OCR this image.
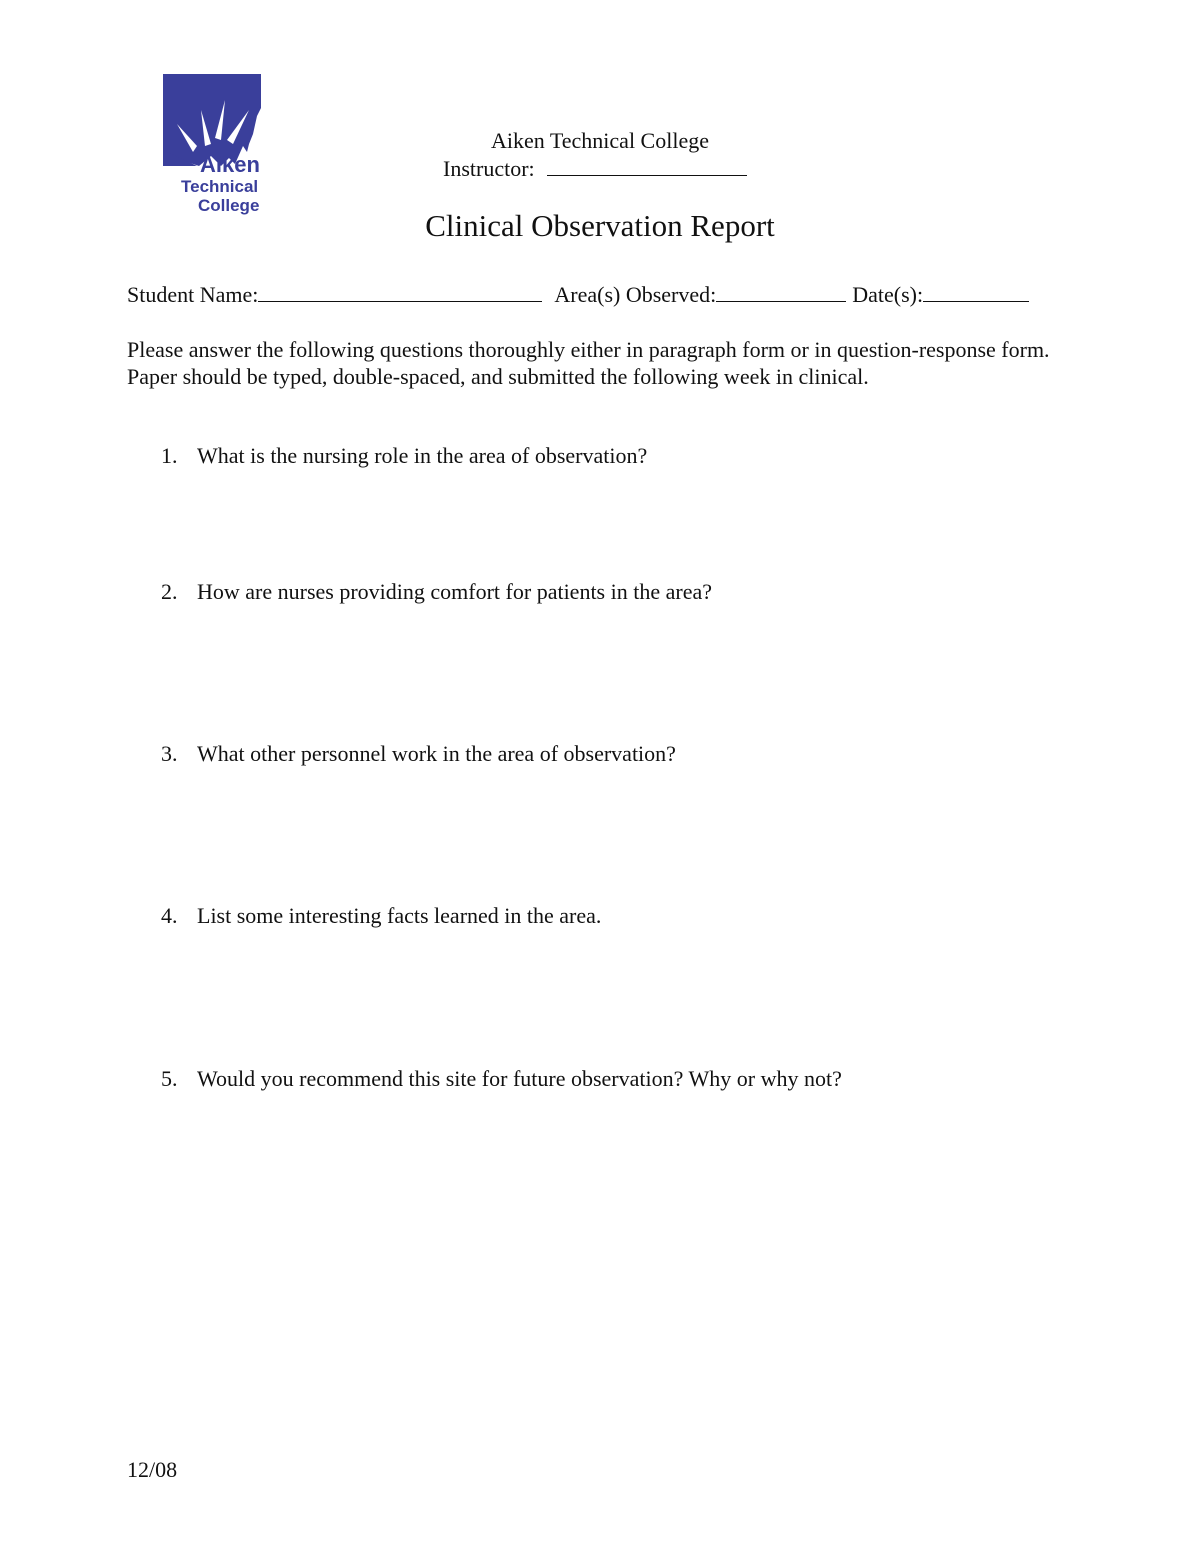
Aiken
Technical
College
Aiken Technical College
Instructor:
Clinical Observation Report
Student Name:	Area(s) Observed:	Date(s):

Please answer the following questions thoroughly either in paragraph form or in question-response form.

Paper should be typed, double-spaced, and submitted the following week in clinical.

1. What is the nursing role in the area of observation?
2. How are nurses providing comfort for patients in the area?
3. What other personnel work in the area of observation?
4. List some interesting facts learned in the area.
5. Would you recommend this site for future observation? Why or why not?
12/08
